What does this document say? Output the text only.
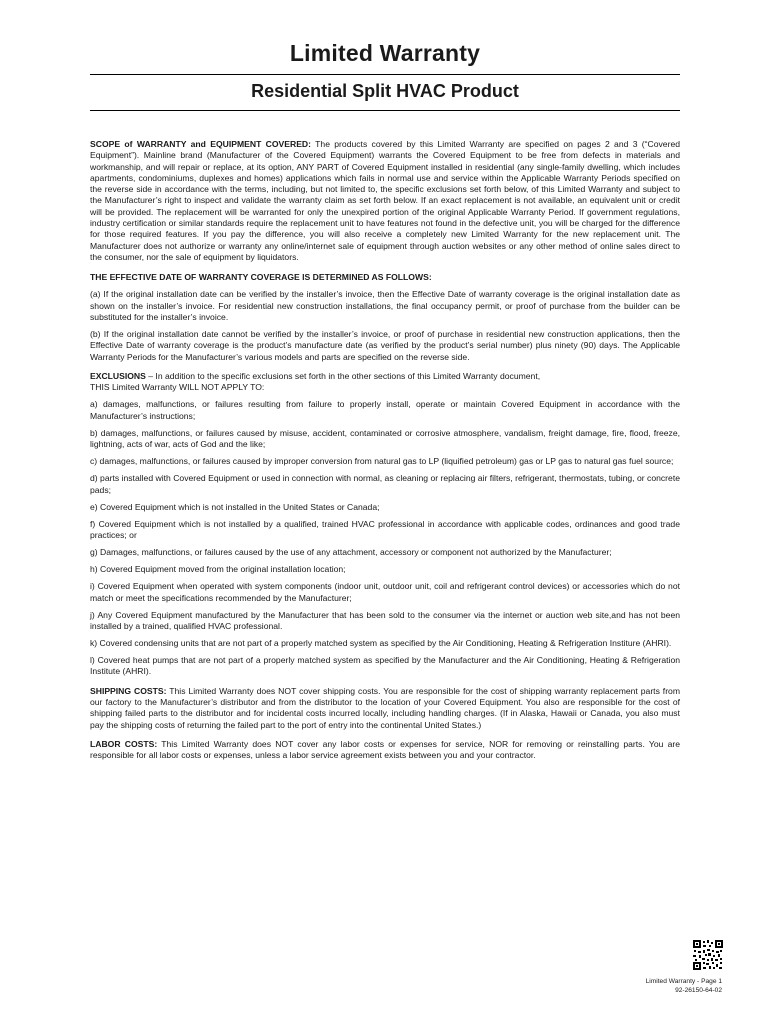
Limited Warranty
Residential Split HVAC Product

SCOPE of WARRANTY and EQUIPMENT COVERED: The products covered by this Limited Warranty are specified on pages 2 and 3 (“Covered Equipment”). Mainline brand (Manufacturer of the Covered Equipment) warrants the Covered Equipment to be free from defects in materials and workmanship, and will repair or replace, at its option, ANY PART of Covered Equipment installed in residential (any single-family dwelling, which includes apartments, condominiums, duplexes and homes) applications which fails in normal use and service within the Applicable Warranty Periods specified on the reverse side in accordance with the terms, including, but not limited to, the specific exclusions set forth below, of this Limited Warranty and subject to the Manufacturer’s right to inspect and validate the warranty claim as set forth below. If an exact replacement is not available, an equivalent unit or credit will be provided. The replacement will be warranted for only the unexpired portion of the original Applicable Warranty Period. If government regulations, industry certification or similar standards require the replacement unit to have features not found in the defective unit, you will be charged for the difference for those required features. If you pay the difference, you will also receive a completely new Limited Warranty for the new replacement unit. The Manufacturer does not authorize or warranty any online/internet sale of equipment through auction websites or any other method of online sales direct to the consumer, nor the sale of equipment by liquidators.

THE EFFECTIVE DATE OF WARRANTY COVERAGE IS DETERMINED AS FOLLOWS:

(a) If the original installation date can be verified by the installer’s invoice, then the Effective Date of warranty coverage is the original installation date as shown on the installer’s invoice. For residential new construction installations, the final occupancy permit, or proof of purchase from the builder can be substituted for the installer’s invoice.

(b) If the original installation date cannot be verified by the installer’s invoice, or proof of purchase in residential new construction applications, then the Effective Date of warranty coverage is the product’s manufacture date (as verified by the product’s serial number) plus ninety (90) days. The Applicable Warranty Periods for the Manufacturer’s various models and parts are specified on the reverse side.

EXCLUSIONS – In addition to the specific exclusions set forth in the other sections of this Limited Warranty document,
THIS Limited Warranty WILL NOT APPLY TO:

a) damages, malfunctions, or failures resulting from failure to properly install, operate or maintain Covered Equipment in accordance with the Manufacturer’s instructions;

b) damages, malfunctions, or failures caused by misuse, accident, contaminated or corrosive atmosphere, vandalism, freight damage, fire, flood, freeze, lightning, acts of war, acts of God and the like;

c) damages, malfunctions, or failures caused by improper conversion from natural gas to LP (liquified petroleum) gas or LP gas to natural gas fuel source;

d) parts installed with Covered Equipment or used in connection with normal, as cleaning or replacing air filters, refrigerant, thermostats, tubing, or concrete pads;

e) Covered Equipment which is not installed in the United States or Canada;

f) Covered Equipment which is not installed by a qualified, trained HVAC professional in accordance with applicable codes, ordinances and good trade practices; or

g) Damages, malfunctions, or failures caused by the use of any attachment, accessory or component not authorized by the Manufacturer;

h) Covered Equipment moved from the original installation location;

i) Covered Equipment when operated with system components (indoor unit, outdoor unit, coil and refrigerant control devices) or accessories which do not match or meet the specifications recommended by the Manufacturer;

j) Any Covered Equipment manufactured by the Manufacturer that has been sold to the consumer via the internet or auction web site,and has not been installed by a trained, qualified HVAC professional.

k) Covered condensing units that are not part of a properly matched system as specified by the Air Conditioning, Heating & Refrigeration Institure (AHRI).

l) Covered heat pumps that are not part of a properly matched system as specified by the Manufacturer and the Air Conditioning, Heating & Refrigeration Institute (AHRI).

SHIPPING COSTS: This Limited Warranty does NOT cover shipping costs. You are responsible for the cost of shipping warranty replacement parts from our factory to the Manufacturer’s distributor and from the distributor to the location of your Covered Equipment. You also are responsible for the cost of shipping failed parts to the distributor and for incidental costs incurred locally, including handling charges. (If in Alaska, Hawaii or Canada, you also must pay the shipping costs of returning the failed part to the port of entry into the continental United States.)

LABOR COSTS: This Limited Warranty does NOT cover any labor costs or expenses for service, NOR for removing or reinstalling parts. You are responsible for all labor costs or expenses, unless a labor service agreement exists between you and your contractor.

Limited Warranty - Page 1
92-26150-64-02
